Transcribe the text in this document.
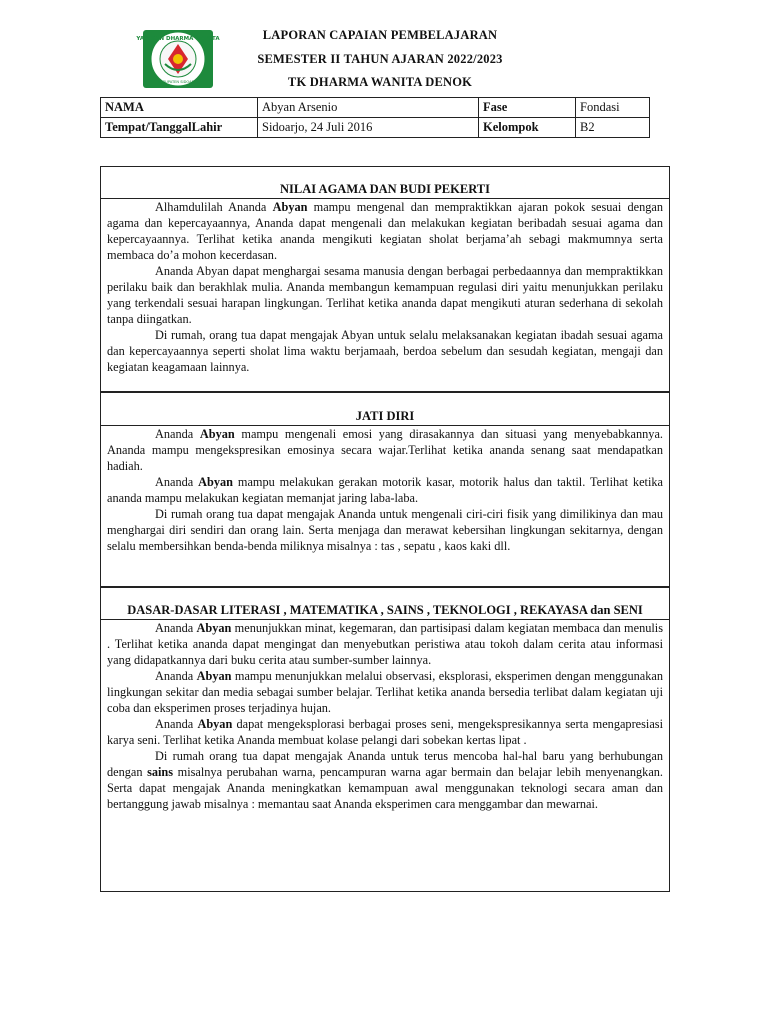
YAYASAN DHARMA WANITA
KABUPATEN SIDOARJO
LAPORAN CAPAIAN PEMBELAJARAN
SEMESTER II TAHUN AJARAN 2022/2023
TK DHARMA WANITA DENOK
NAMA	Abyan Arsenio	Fase	Fondasi
Tempat/TanggalLahir	Sidoarjo, 24 Juli 2016	Kelompok	B2
NILAI AGAMA DAN BUDI PEKERTI

Alhamdulilah Ananda Abyan mampu mengenal dan mempraktikkan ajaran pokok sesuai dengan agama dan kepercayaannya, Ananda dapat mengenali dan melakukan kegiatan beribadah sesuai agama dan kepercayaannya. Terlihat ketika ananda mengikuti kegiatan sholat berjama’ah sebagi makmumnya serta membaca do’a mohon kecerdasan.

Ananda Abyan dapat menghargai sesama manusia dengan berbagai perbedaannya dan mempraktikkan perilaku baik dan berakhlak mulia. Ananda membangun kemampuan regulasi diri yaitu menunjukkan perilaku yang terkendali sesuai harapan lingkungan. Terlihat ketika ananda dapat mengikuti aturan sederhana di sekolah tanpa diingatkan.

Di rumah, orang tua dapat mengajak Abyan untuk selalu melaksanakan kegiatan ibadah sesuai agama dan kepercayaannya seperti sholat lima waktu berjamaah, berdoa sebelum dan sesudah kegiatan, mengaji dan kegiatan keagamaan lainnya.

JATI DIRI

Ananda Abyan mampu mengenali emosi yang dirasakannya dan situasi yang menyebabkannya. Ananda mampu mengekspresikan emosinya secara wajar.Terlihat ketika ananda senang saat mendapatkan hadiah.

Ananda Abyan mampu melakukan gerakan motorik kasar, motorik halus dan taktil. Terlihat ketika ananda mampu melakukan kegiatan memanjat jaring laba-laba.

Di rumah orang tua dapat mengajak Ananda untuk mengenali ciri-ciri fisik yang dimilikinya dan mau menghargai diri sendiri dan orang lain. Serta menjaga dan merawat kebersihan lingkungan sekitarnya, dengan selalu membersihkan benda-benda miliknya misalnya : tas , sepatu , kaos kaki dll.

DASAR-DASAR LITERASI , MATEMATIKA , SAINS , TEKNOLOGI , REKAYASA dan SENI

Ananda Abyan menunjukkan minat, kegemaran, dan partisipasi dalam kegiatan membaca dan menulis . Terlihat ketika ananda dapat mengingat dan menyebutkan peristiwa atau tokoh dalam cerita atau informasi yang didapatkannya dari buku cerita atau sumber-sumber lainnya.

Ananda Abyan mampu menunjukkan melalui observasi, eksplorasi, eksperimen dengan menggunakan lingkungan sekitar dan media sebagai sumber belajar. Terlihat ketika ananda bersedia terlibat dalam kegiatan uji coba dan eksperimen proses terjadinya hujan.

Ananda Abyan dapat mengeksplorasi berbagai proses seni, mengekspresikannya serta mengapresiasi karya seni. Terlihat ketika Ananda membuat kolase pelangi dari sobekan kertas lipat .

Di rumah orang tua dapat mengajak Ananda untuk terus mencoba hal-hal baru yang berhubungan dengan sains misalnya perubahan warna, pencampuran warna agar bermain dan belajar lebih menyenangkan. Serta dapat mengajak Ananda meningkatkan kemampuan awal menggunakan teknologi secara aman dan bertanggung jawab misalnya : memantau saat Ananda eksperimen cara menggambar dan mewarnai.
